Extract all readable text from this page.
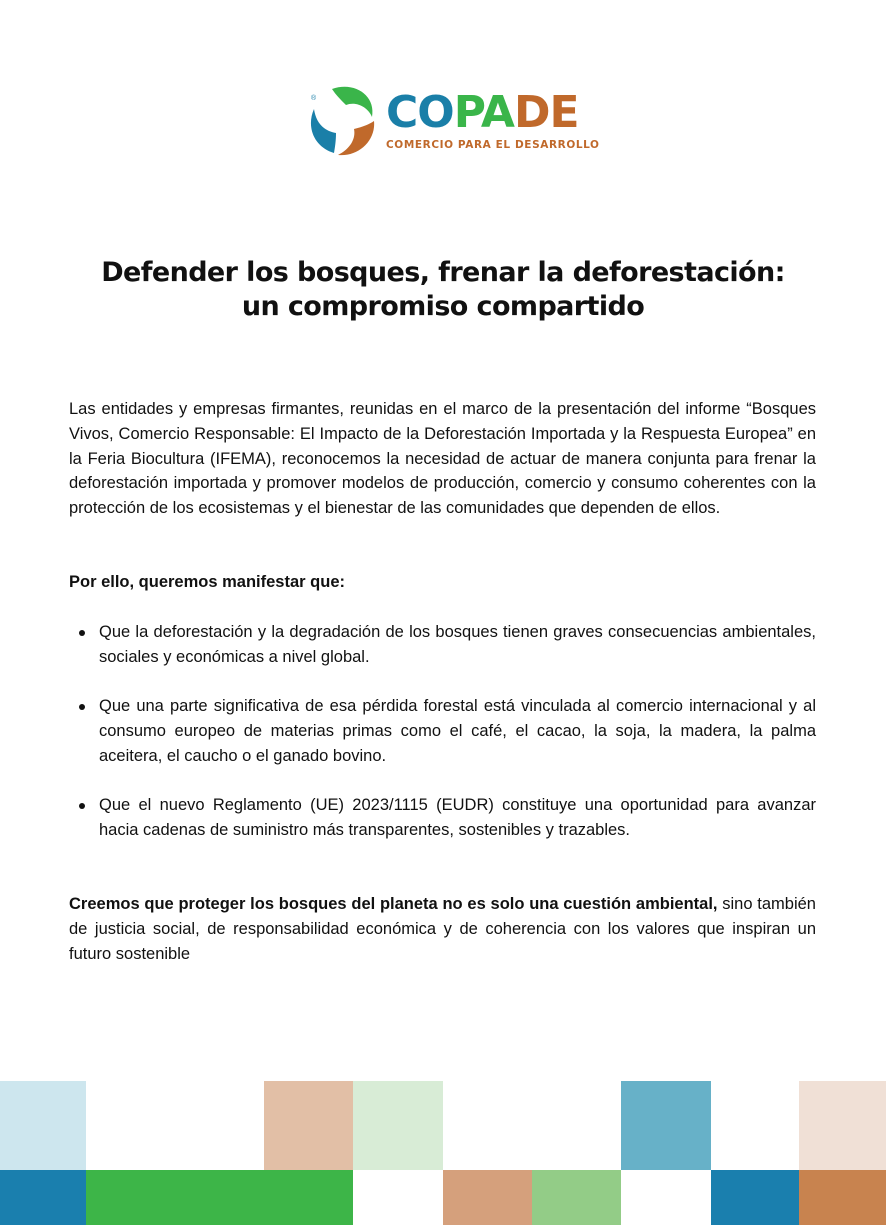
® COPADE
COMERCIO PARA EL DESARROLLO
Defender los bosques, frenar la deforestación:
un compromiso compartido

Las entidades y empresas firmantes, reunidas en el marco de la presentación del informe “Bosques Vivos, Comercio Responsable: El Impacto de la Deforestación Importada y la Respuesta Europea” en la Feria Biocultura (IFEMA), reconocemos la necesidad de actuar de manera conjunta para frenar la deforestación importada y promover modelos de producción, comercio y consumo coherentes con la protección de los ecosistemas y el bienestar de las comunidades que dependen de ellos.

Por ello, queremos manifestar que:

Que la deforestación y la degradación de los bosques tienen graves consecuencias ambientales, sociales y económicas a nivel global.
Que una parte significativa de esa pérdida forestal está vinculada al comercio internacional y al consumo europeo de materias primas como el café, el cacao, la soja, la madera, la palma aceitera, el caucho o el ganado bovino.
Que el nuevo Reglamento (UE) 2023/1115 (EUDR) constituye una oportunidad para avanzar hacia cadenas de suministro más transparentes, sostenibles y trazables.

Creemos que proteger los bosques del planeta no es solo una cuestión ambiental, sino también de justicia social, de responsabilidad económica y de coherencia con los valores que inspiran un futuro sostenible
